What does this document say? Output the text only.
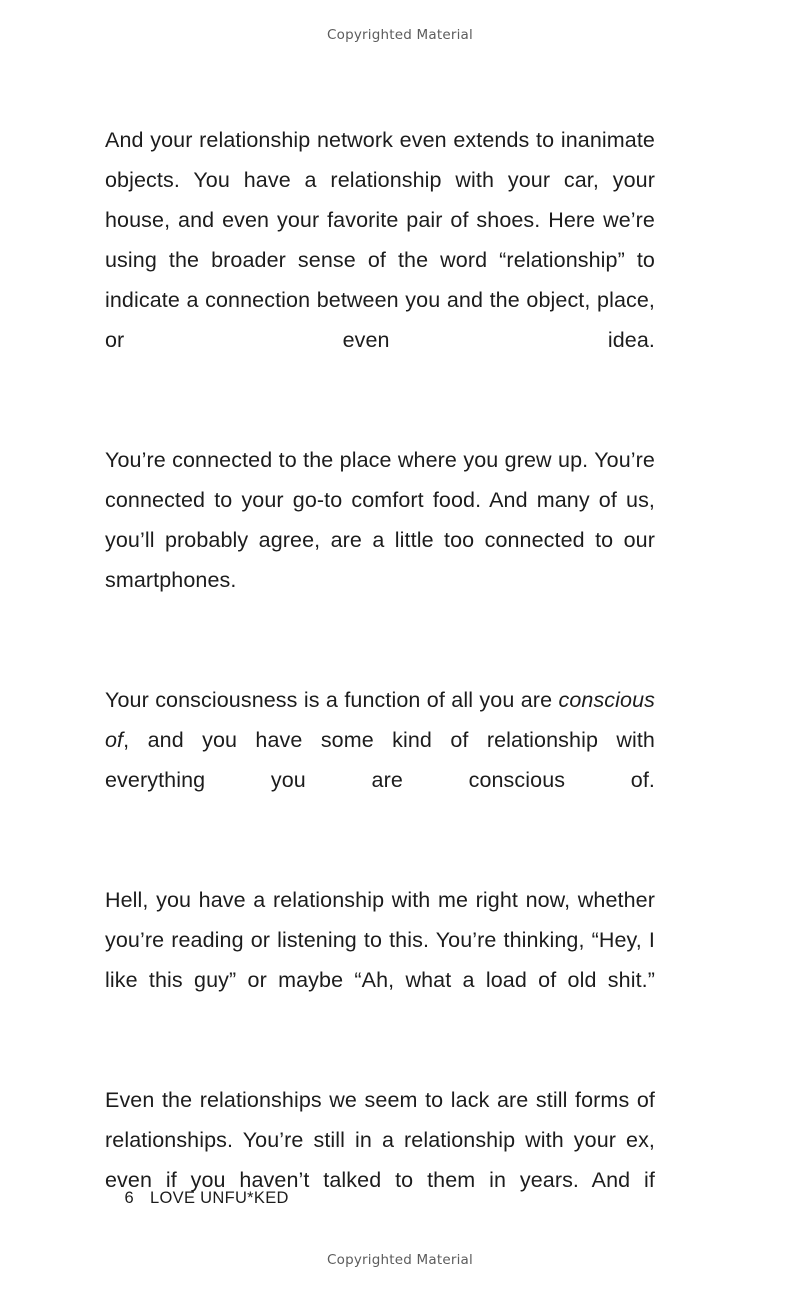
Copyrighted Material

And your relationship network even extends to inanimate objects. You have a relationship with your car, your house, and even your favorite pair of shoes. Here we’re using the broader sense of the word “relationship” to indicate a connection between you and the object, place, or even idea.

You’re connected to the place where you grew up. You’re connected to your go-to comfort food. And many of us, you’ll probably agree, are a little too connected to our smartphones.

Your consciousness is a function of all you are conscious of, and you have some kind of relationship with everything you are conscious of.

Hell, you have a relationship with me right now, whether you’re reading or listening to this. You’re thinking, “Hey, I like this guy” or maybe “Ah, what a load of old shit.”

Even the relationships we seem to lack are still forms of relationships. You’re still in a relationship with your ex, even if you haven’t talked to them in years. And if

6 LOVE UNFU*KED

Copyrighted Material
